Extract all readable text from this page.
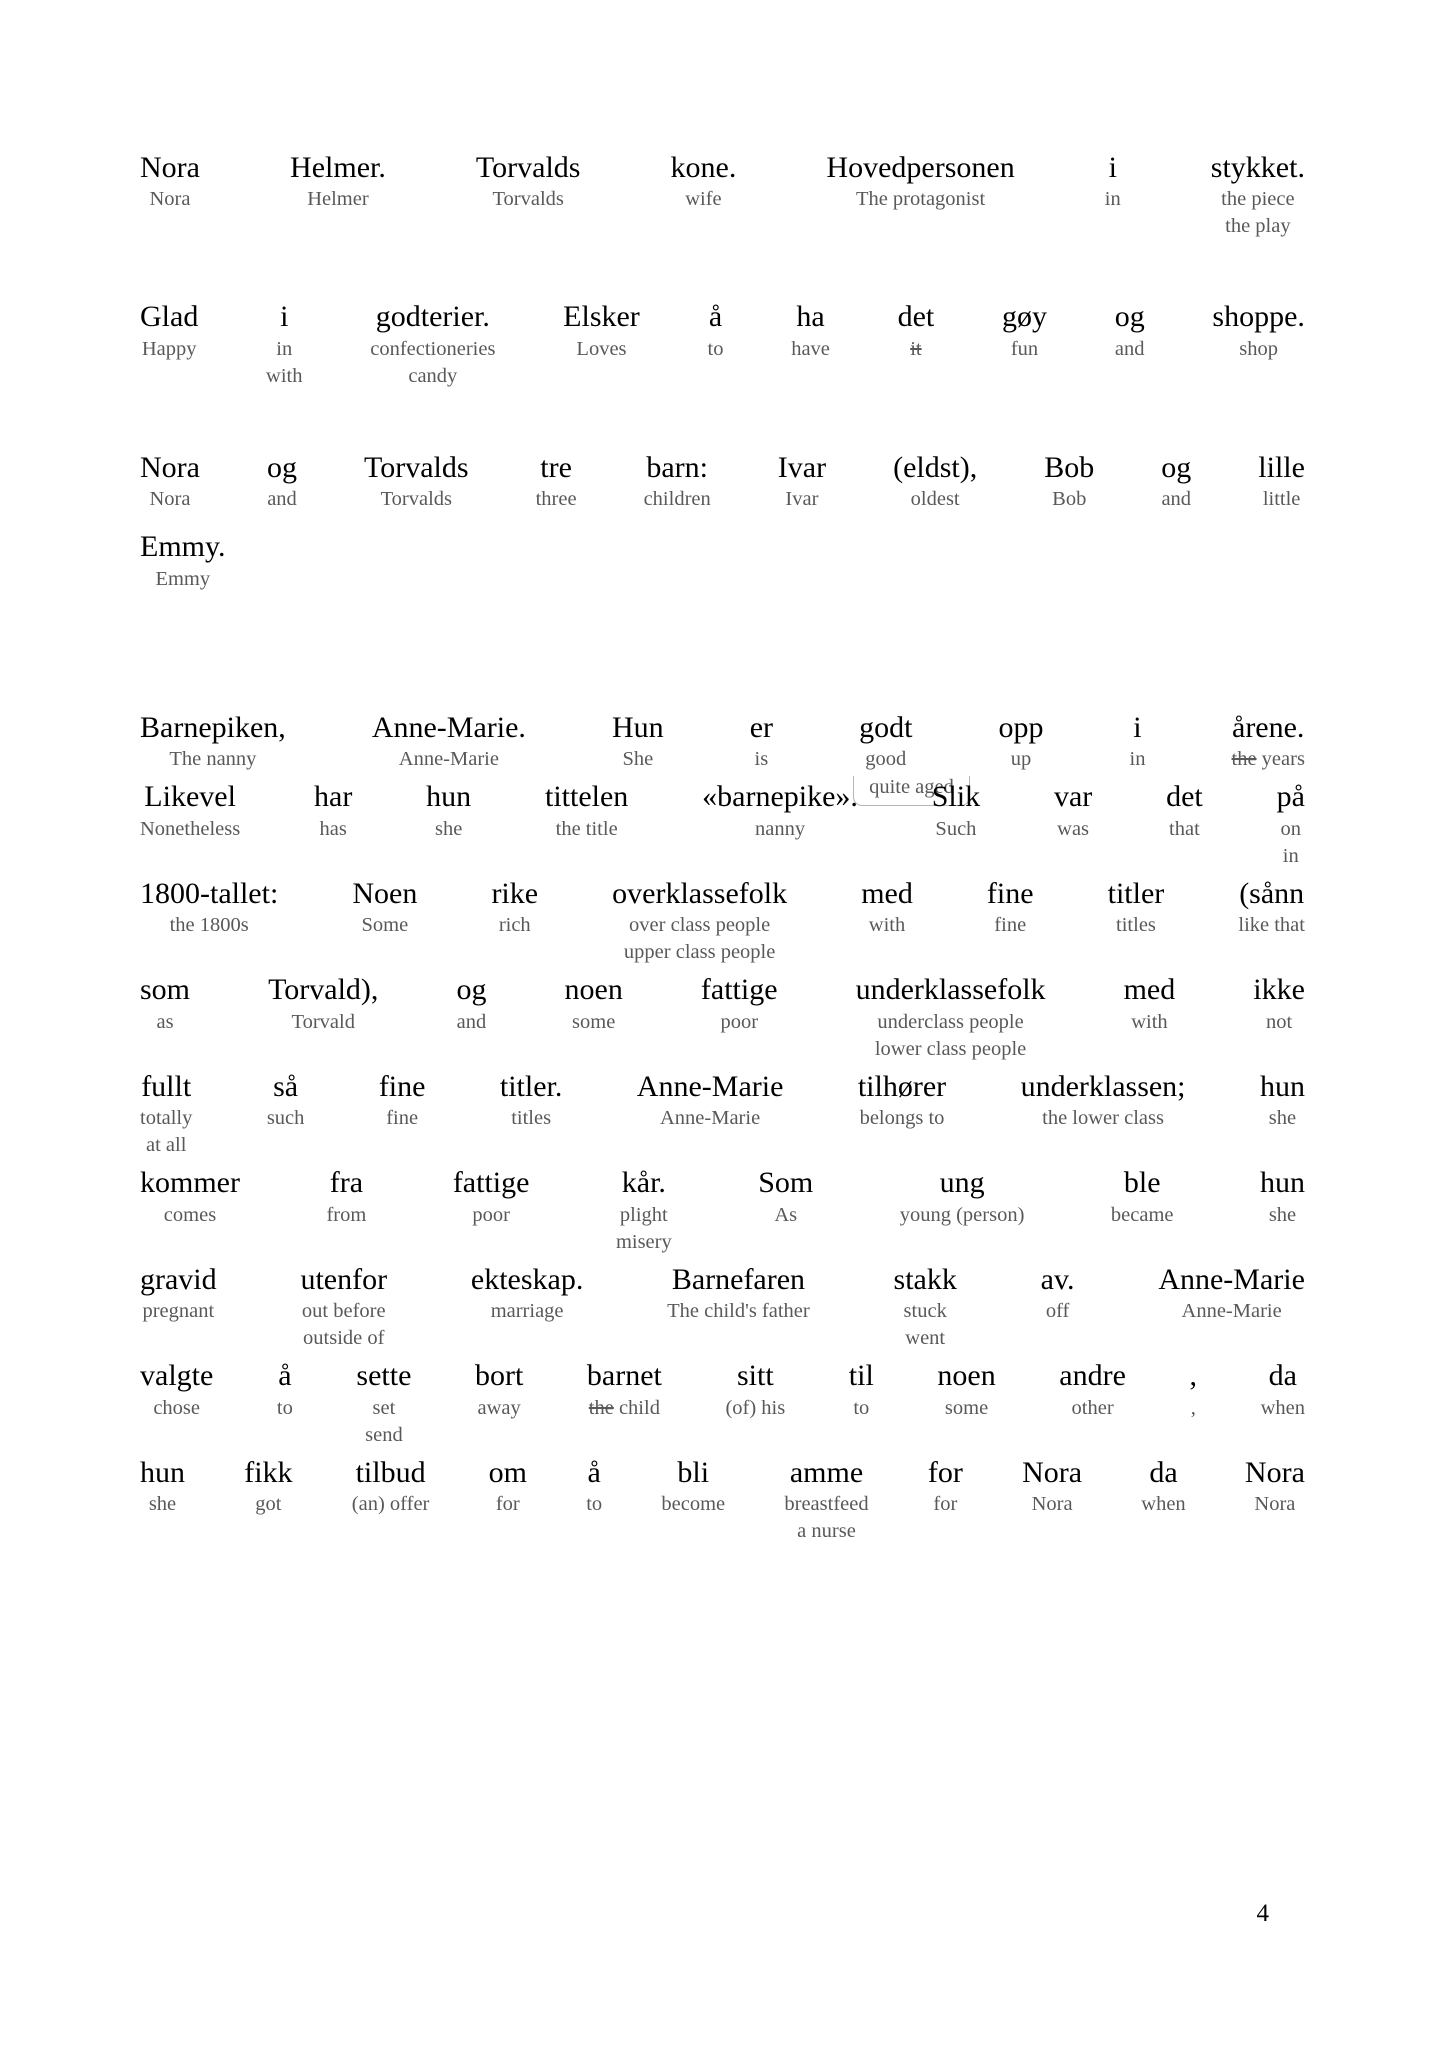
Nora
Nora
Helmer.
Helmer
Torvalds
Torvalds
kone.
wife
Hovedpersonen
The protagonist
i
in
stykket.
the piece
the play
Glad
Happy
i
in
with
godterier.
confectioneries
candy
Elsker
Loves
å
to
ha
have
det
it
gøy
fun
og
and
shoppe.
shop
Nora
Nora
og
and
Torvalds
Torvalds
tre
three
barn:
children
Ivar
Ivar
(eldst),
oldest
Bob
Bob
og
and
lille
little
Emmy.
Emmy
Barnepiken,
The nanny
Anne-Marie.
Anne-Marie
Hun
She
er
is
godt
good
quite aged
opp
up
i
in
årene.
the years
Likevel
Nonetheless
har
has
hun
she
tittelen
the title
«barnepike».
nanny
Slik
Such
var
was
det
that
på
on
in
1800-tallet:
the 1800s
Noen
Some
rike
rich
overklassefolk
over class people
upper class people
med
with
fine
fine
titler
titles
(sånn
like that
som
as
Torvald),
Torvald
og
and
noen
some
fattige
poor
underklassefolk
underclass people
lower class people
med
with
ikke
not
fullt
totally
at all
så
such
fine
fine
titler.
titles
Anne-Marie
Anne-Marie
tilhører
belongs to
underklassen;
the lower class
hun
she
kommer
comes
fra
from
fattige
poor
kår.
plight
misery
Som
As
ung
young (person)
ble
became
hun
she
gravid
pregnant
utenfor
out before
outside of
ekteskap.
marriage
Barnefaren
The child's father
stakk
stuck
went
av.
off
Anne-Marie
Anne-Marie
valgte
chose
å
to
sette
set
send
bort
away
barnet
the child
sitt
(of) his
til
to
noen
some
andre
other
,
,
da
when
hun
she
fikk
got
tilbud
(an) offer
om
for
å
to
bli
become
amme
breastfeed
a nurse
for
for
Nora
Nora
da
when
Nora
Nora
4
